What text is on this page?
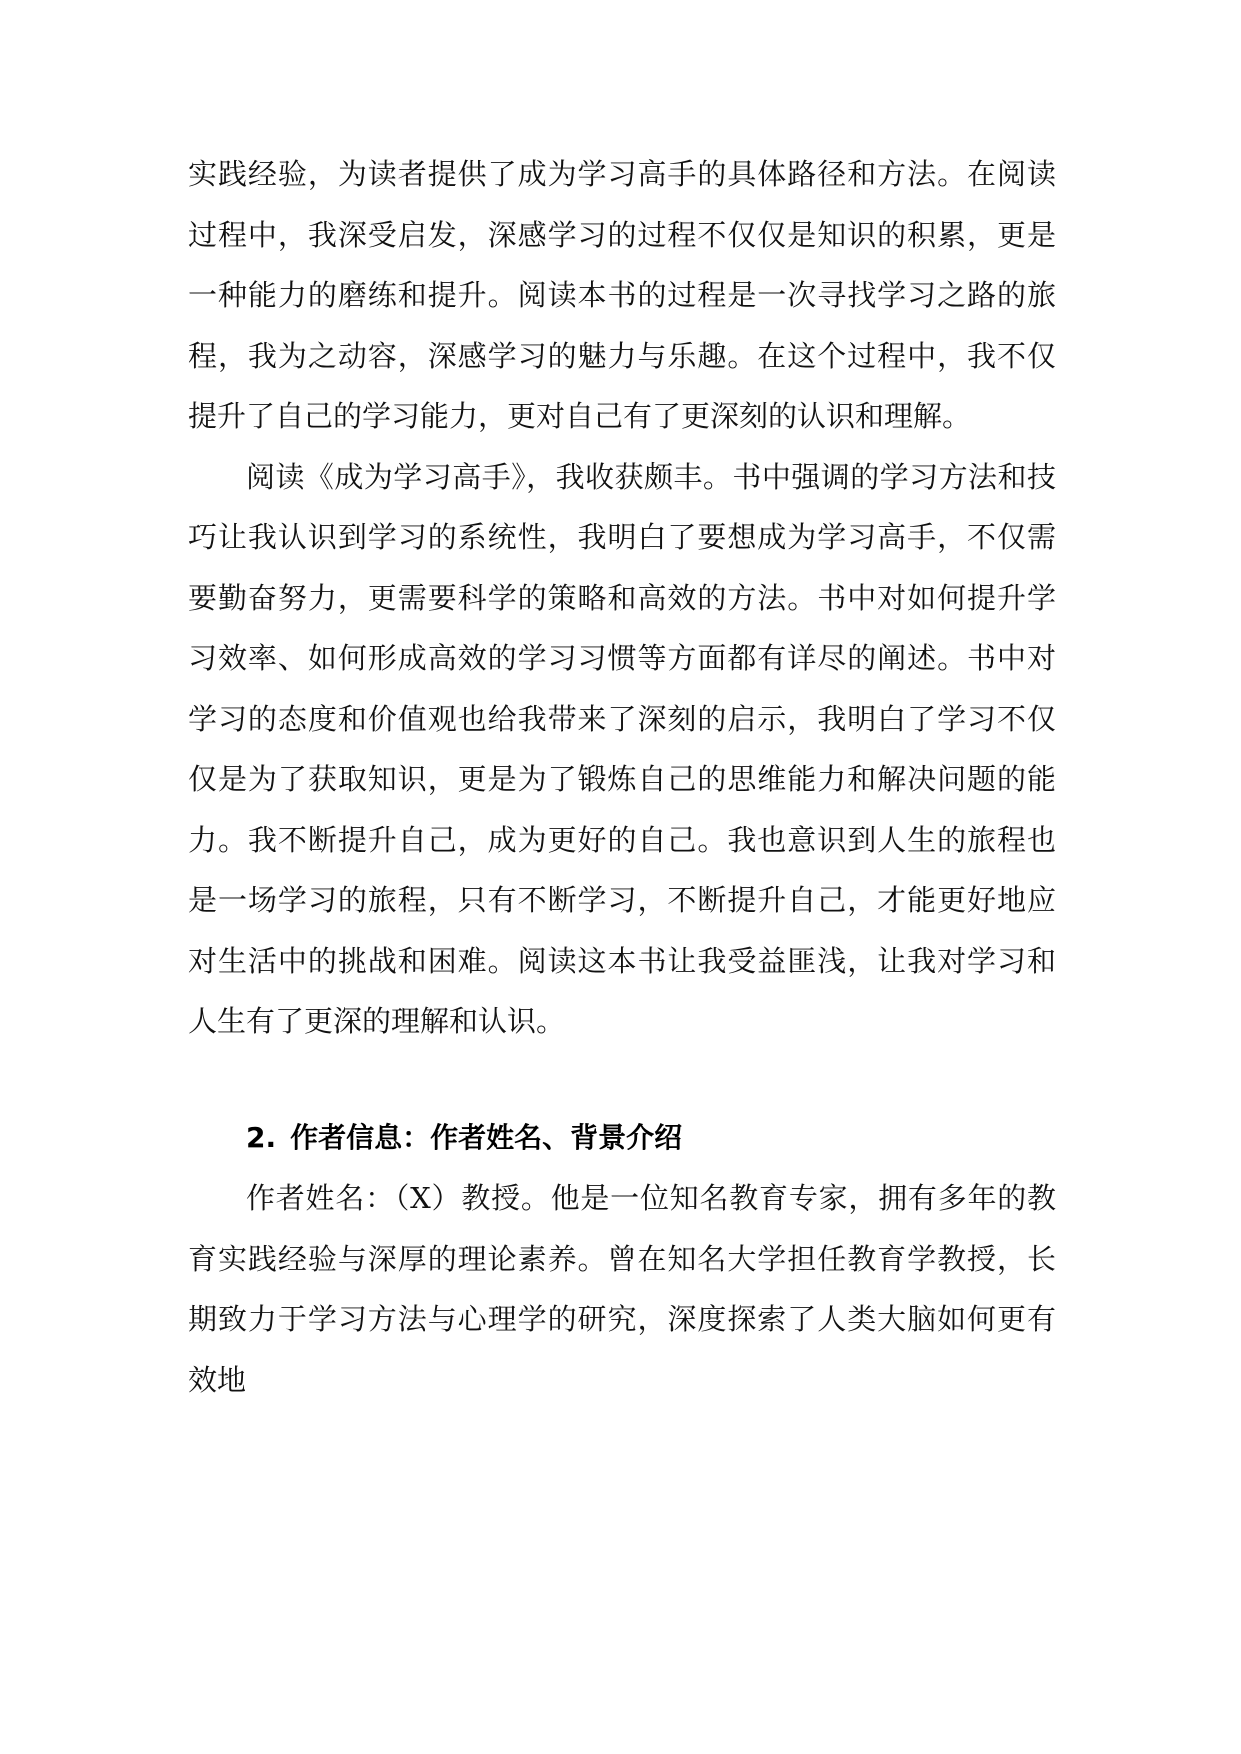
实践经验，为读者提供了成为学习高手的具体路径和方法。在阅读过程中，我深受启发，深感学习的过程不仅仅是知识的积累，更是一种能力的磨练和提升。阅读本书的过程是一次寻找学习之路的旅程，我为之动容，深感学习的魅力与乐趣。在这个过程中，我不仅提升了自己的学习能力，更对自己有了更深刻的认识和理解。

阅读《成为学习高手》，我收获颇丰。书中强调的学习方法和技巧让我认识到学习的系统性，我明白了要想成为学习高手，不仅需要勤奋努力，更需要科学的策略和高效的方法。书中对如何提升学习效率、如何形成高效的学习习惯等方面都有详尽的阐述。书中对学习的态度和价值观也给我带来了深刻的启示，我明白了学习不仅仅是为了获取知识，更是为了锻炼自己的思维能力和解决问题的能力。我不断提升自己，成为更好的自己。我也意识到人生的旅程也是一场学习的旅程，只有不断学习，不断提升自己，才能更好地应对生活中的挑战和困难。阅读这本书让我受益匪浅，让我对学习和人生有了更深的理解和认识。

2. 作者信息：作者姓名、背景介绍

作者姓名：（X）教授。他是一位知名教育专家，拥有多年的教育实践经验与深厚的理论素养。曾在知名大学担任教育学教授，长期致力于学习方法与心理学的研究，深度探索了人类大脑如何更有效地
